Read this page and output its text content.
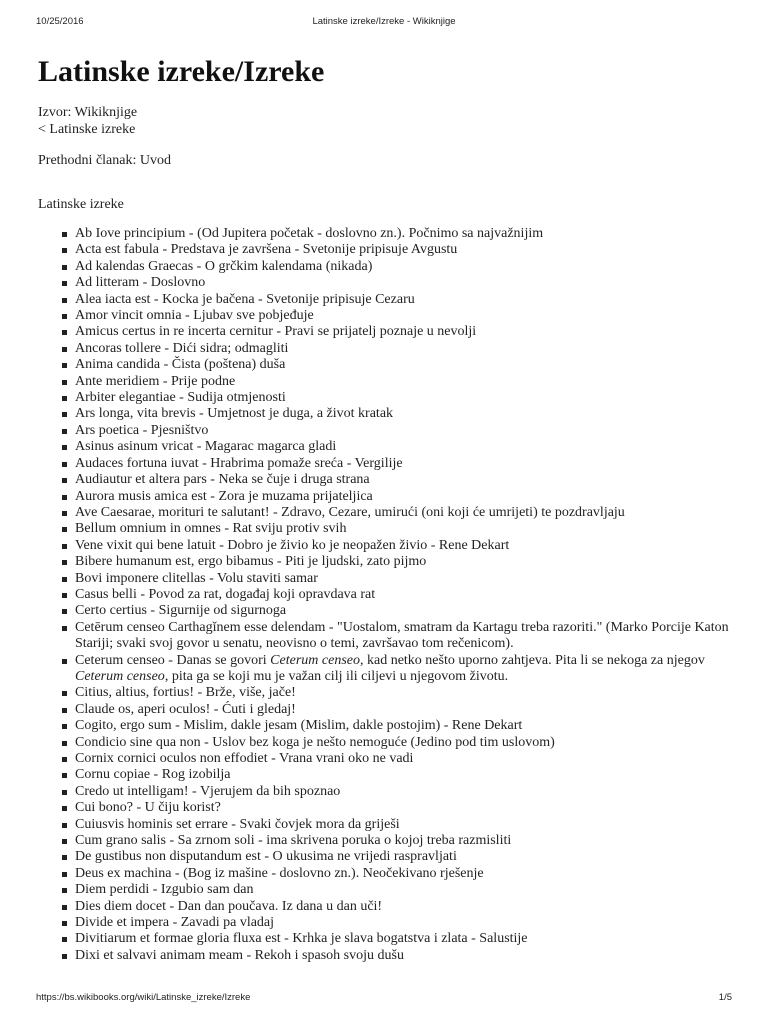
10/25/2016	Latinske izreke/Izreke - Wikiknjige
Latinske izreke/Izreke
Izvor: Wikiknjige
< Latinske izreke
Prethodni članak: Uvod
Latinske izreke
Ab Iove principium - (Od Jupitera početak - doslovno zn.). Počnimo sa najvažnijim
Acta est fabula - Predstava je završena - Svetonije pripisuje Avgustu
Ad kalendas Graecas - O grčkim kalendama (nikada)
Ad litteram - Doslovno
Alea iacta est - Kocka je bačena - Svetonije pripisuje Cezaru
Amor vincit omnia - Ljubav sve pobjeđuje
Amicus certus in re incerta cernitur - Pravi se prijatelj poznaje u nevolji
Ancoras tollere - Dići sidra; odmagliti
Anima candida - Čista (poštena) duša
Ante meridiem - Prije podne
Arbiter elegantiae - Sudija otmjenosti
Ars longa, vita brevis - Umjetnost je duga, a život kratak
Ars poetica - Pjesništvo
Asinus asinum vricat - Magarac magarca gladi
Audaces fortuna iuvat - Hrabrima pomaže sreća - Vergilije
Audiautur et altera pars - Neka se čuje i druga strana
Aurora musis amica est - Zora je muzama prijateljica
Ave Caesarae, morituri te salutant! - Zdravo, Cezare, umirući (oni koji će umrijeti) te pozdravljaju
Bellum omnium in omnes - Rat sviju protiv svih
Vene vixit qui bene latuit - Dobro je živio ko je neopažen živio - Rene Dekart
Bibere humanum est, ergo bibamus - Piti je ljudski, zato pijmo
Bovi imponere clitellas - Volu staviti samar
Casus belli - Povod za rat, događaj koji opravdava rat
Certo certius - Sigurnije od sigurnoga
Cetērum censeo Carthagĭnem esse delendam - "Uostalom, smatram da Kartagu treba razoriti." (Marko Porcije Katon Stariji; svaki svoj govor u senatu, neovisno o temi, završavao tom rečenicom).
Ceterum censeo - Danas se govori Ceterum censeo, kad netko nešto uporno zahtjeva. Pita li se nekoga za njegov Ceterum censeo, pita ga se koji mu je važan cilj ili ciljevi u njegovom životu.
Citius, altius, fortius! - Brže, više, jače!
Claude os, aperi oculos! - Ćuti i gledaj!
Cogito, ergo sum - Mislim, dakle jesam (Mislim, dakle postojim) - Rene Dekart
Condicio sine qua non - Uslov bez koga je nešto nemoguće (Jedino pod tim uslovom)
Cornix cornici oculos non effodiet - Vrana vrani oko ne vadi
Cornu copiae - Rog izobilja
Credo ut intelligam! - Vjerujem da bih spoznao
Cui bono? - U čiju korist?
Cuiusvis hominis set errare - Svaki čovjek mora da griješi
Cum grano salis - Sa zrnom soli - ima skrivena poruka o kojoj treba razmisliti
De gustibus non disputandum est - O ukusima ne vrijedi raspravljati
Deus ex machina - (Bog iz mašine - doslovno zn.). Neočekivano rješenje
Diem perdidi - Izgubio sam dan
Dies diem docet - Dan dan poučava. Iz dana u dan uči!
Divide et impera - Zavadi pa vladaj
Divitiarum et formae gloria fluxa est - Krhka je slava bogatstva i zlata - Salustije
Dixi et salvavi animam meam - Rekoh i spasoh svoju dušu
https://bs.wikibooks.org/wiki/Latinske_izreke/Izreke	1/5
